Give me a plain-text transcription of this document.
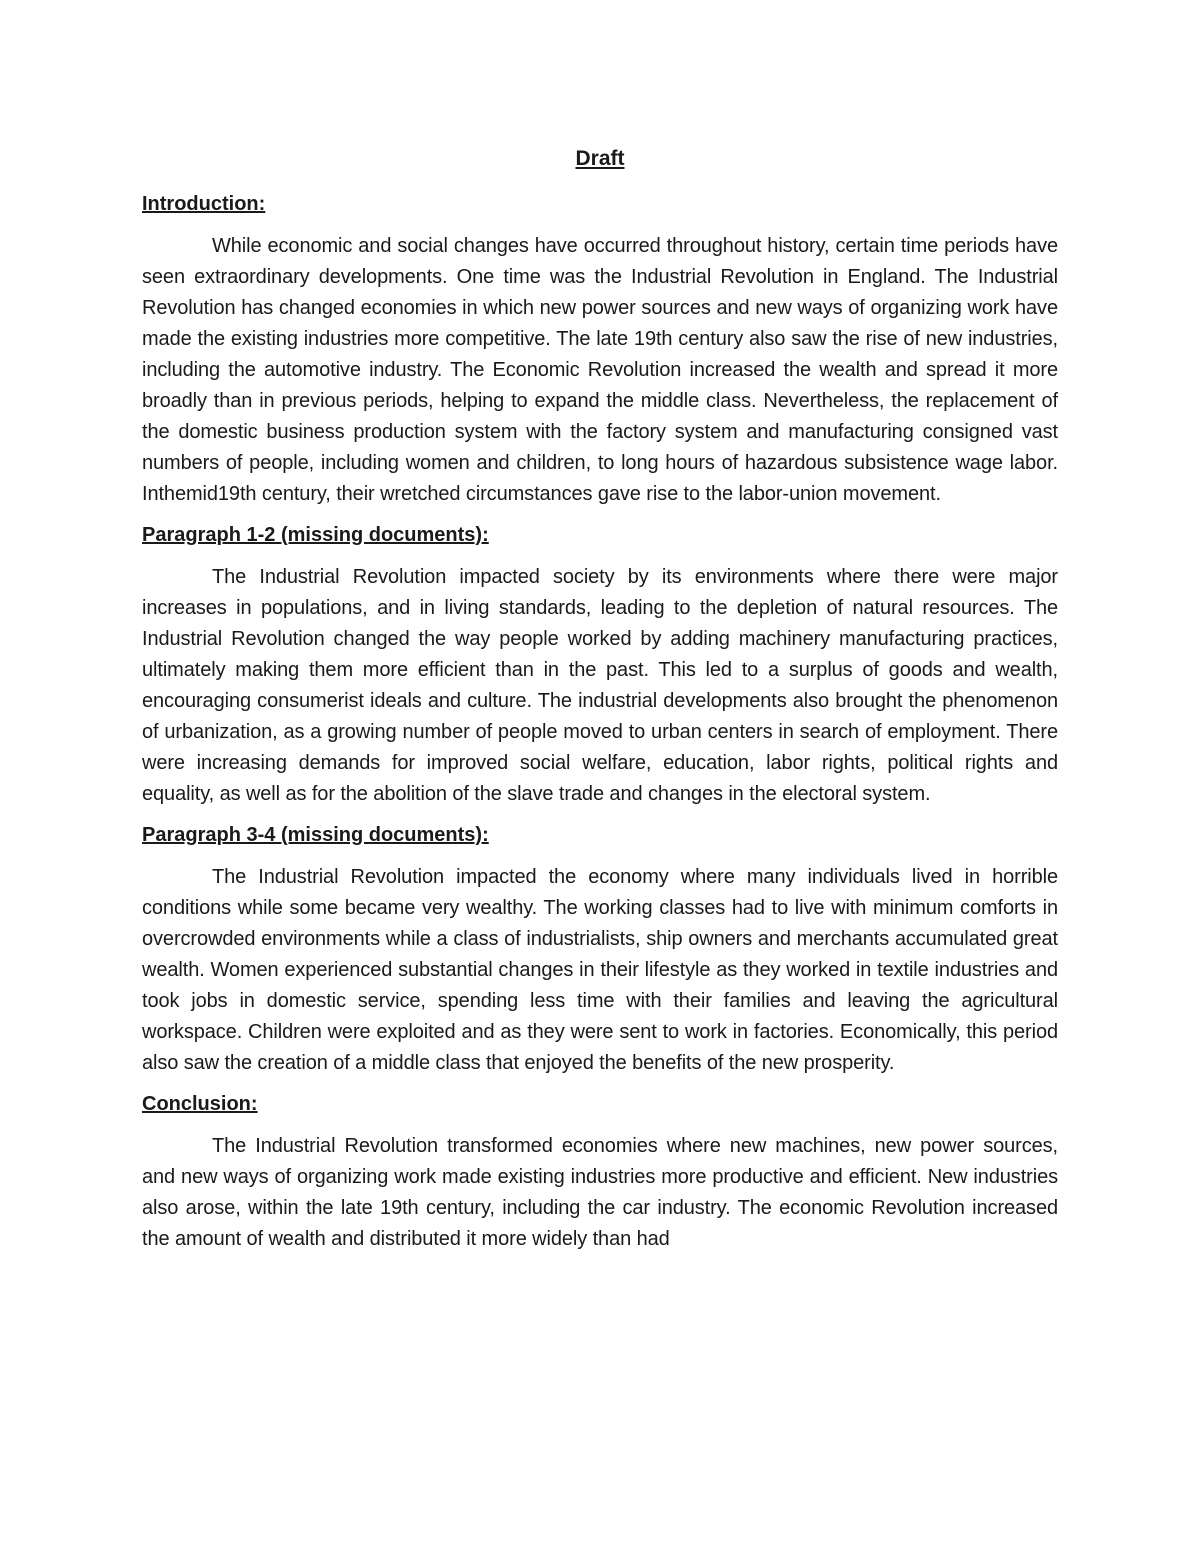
Draft
Introduction:

While economic and social changes have occurred throughout history, certain time periods have seen extraordinary developments. One time was the Industrial Revolution in England. The Industrial Revolution has changed economies in which new power sources and new ways of organizing work have made the existing industries more competitive. The late 19th century also saw the rise of new industries, including the automotive industry. The Economic Revolution increased the wealth and spread it more broadly than in previous periods, helping to expand the middle class. Nevertheless, the replacement of the domestic business production system with the factory system and manufacturing consigned vast numbers of people, including women and children, to long hours of hazardous subsistence wage labor. Inthemid19th century, their wretched circumstances gave rise to the labor-union movement.

Paragraph 1-2 (missing documents):

The Industrial Revolution impacted society by its environments where there were major increases in populations, and in living standards, leading to the depletion of natural resources. The Industrial Revolution changed the way people worked by adding machinery manufacturing practices, ultimately making them more efficient than in the past. This led to a surplus of goods and wealth, encouraging consumerist ideals and culture. The industrial developments also brought the phenomenon of urbanization, as a growing number of people moved to urban centers in search of employment. There were increasing demands for improved social welfare, education, labor rights, political rights and equality, as well as for the abolition of the slave trade and changes in the electoral system.

Paragraph 3-4 (missing documents):

The Industrial Revolution impacted the economy where many individuals lived in horrible conditions while some became very wealthy. The working classes had to live with minimum comforts in overcrowded environments while a class of industrialists, ship owners and merchants accumulated great wealth. Women experienced substantial changes in their lifestyle as they worked in textile industries and took jobs in domestic service, spending less time with their families and leaving the agricultural workspace. Children were exploited and as they were sent to work in factories. Economically, this period also saw the creation of a middle class that enjoyed the benefits of the new prosperity.

Conclusion:

The Industrial Revolution transformed economies where new machines, new power sources, and new ways of organizing work made existing industries more productive and efficient. New industries also arose, within the late 19th century, including the car industry. The economic Revolution increased the amount of wealth and distributed it more widely than had
